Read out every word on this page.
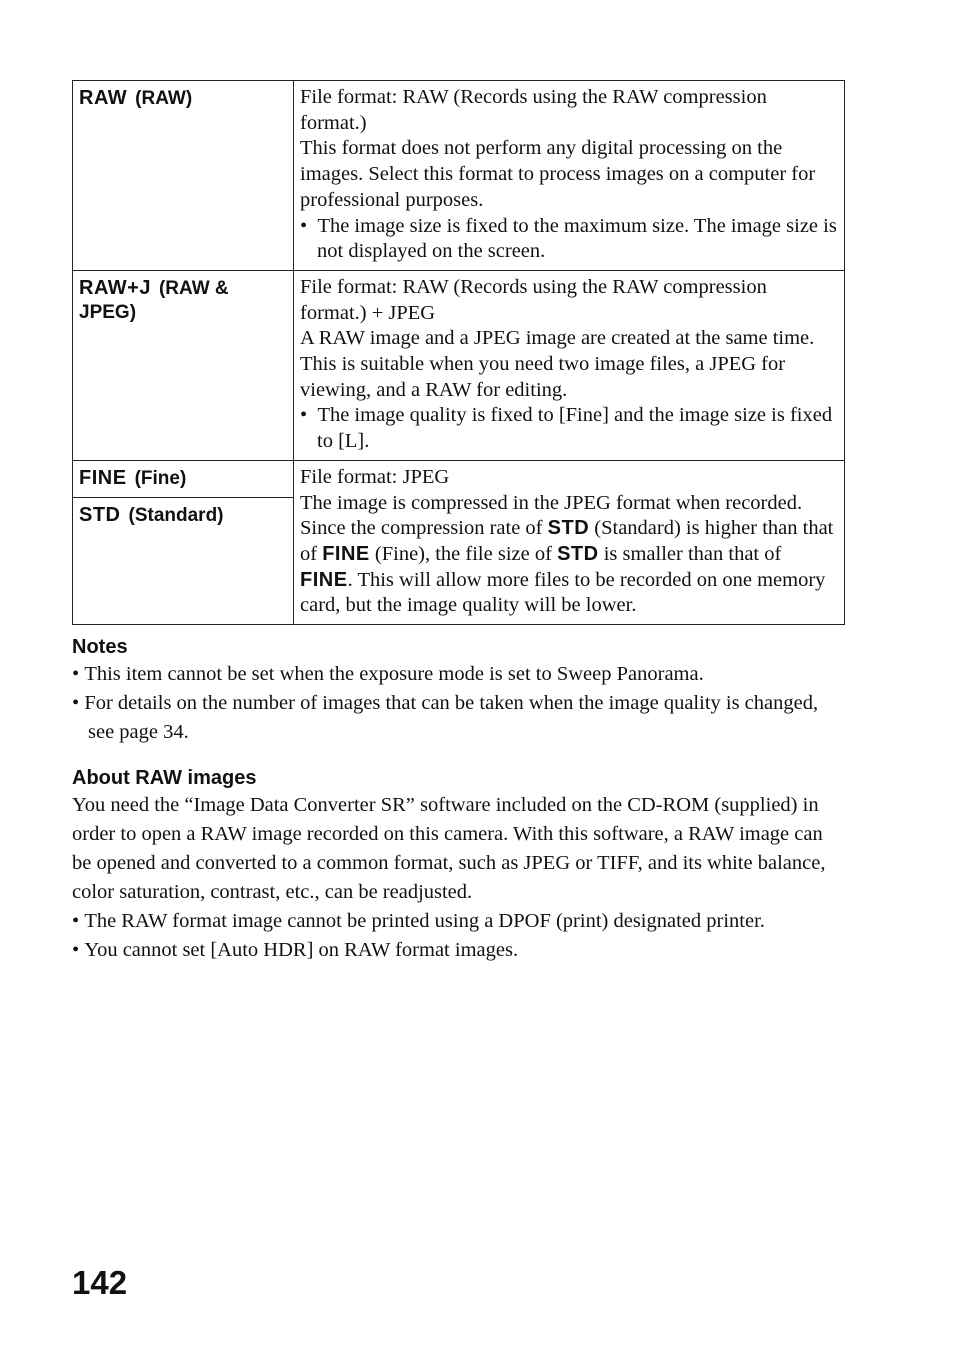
RAW (RAW)	File format: RAW (Records using the RAW compression format.)

This format does not perform any digital processing on the images. Select this format to process images on a computer for professional purposes.

• The image size is fixed to the maximum size. The image size is not displayed on the screen.

RAW+J (RAW & JPEG)	File format: RAW (Records using the RAW compression format.) + JPEG

A RAW image and a JPEG image are created at the same time. This is suitable when you need two image files, a JPEG for viewing, and a RAW for editing.

• The image quality is fixed to [Fine] and the image size is fixed to [L].

FINE (Fine)	File format: JPEG

The image is compressed in the JPEG format when recorded. Since the compression rate of STD (Standard) is higher than that of FINE (Fine), the file size of STD is smaller than that of FINE. This will allow more files to be recorded on one memory card, but the image quality will be lower.

STD (Standard)	

Notes

• This item cannot be set when the exposure mode is set to Sweep Panorama.

• For details on the number of images that can be taken when the image quality is changed, see page 34.

About RAW images

You need the “Image Data Converter SR” software included on the CD-ROM (supplied) in order to open a RAW image recorded on this camera. With this software, a RAW image can be opened and converted to a common format, such as JPEG or TIFF, and its white balance, color saturation, contrast, etc., can be readjusted.

• The RAW format image cannot be printed using a DPOF (print) designated printer.

• You cannot set [Auto HDR] on RAW format images.

142
